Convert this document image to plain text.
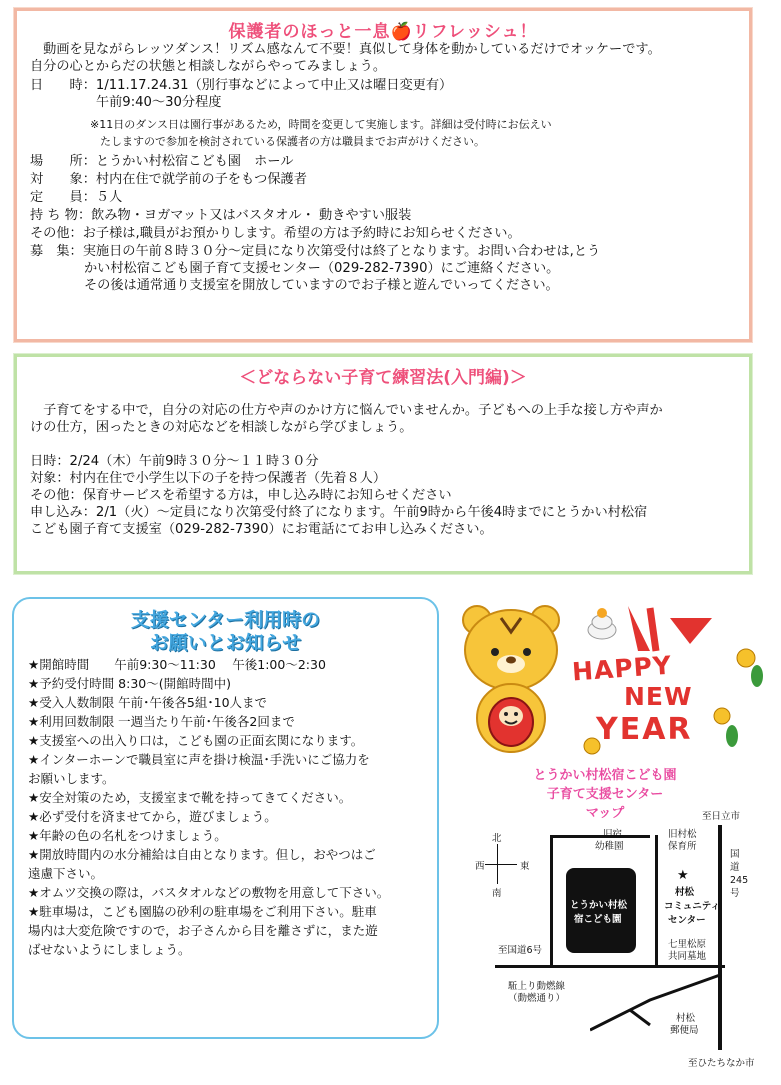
保護者のほっと一息🍎リフレッシュ！
　動画を見ながらレッツダンス！リズム感なんて不要！真似して身体を動かしているだけでオッケーです。
自分の心とからだの状態と相談しながらやってみましょう。
日　　時：1/11.17.24.31（別行事などによって中止又は曜日変更有）
　　　　　午前9:40～30分程度
※11日のダンス日は園行事があるため，時間を変更して実施します。詳細は受付時にお伝えい
たしますので参加を検討されている保護者の方は職員までお声がけください。
場　　所：とうかい村松宿こども園　ホール
対　　象：村内在住で就学前の子をもつ保護者
定　　員：５人
持 ち 物：飲み物・ヨガマット又はバスタオル・ 動きやすい服装
その他：お子様は,職員がお預かりします。希望の方は予約時にお知らせください。
募　集：実施日の午前８時３０分～定員になり次第受付は終了となります。お問い合わせは,とう
かい村松宿こども園子育て支援センター（029-282-7390）にご連絡ください。
その後は通常通り支援室を開放していますのでお子様と遊んでいってください。
＜どならない子育て練習法(入門編)＞
　子育てをする中で，自分の対応の仕方や声のかけ方に悩んでいませんか。子どもへの上手な接し方や声か
けの仕方，困ったときの対応などを相談しながら学びましょう。
日時：2/24（木）午前9時３０分～１１時３０分
対象：村内在住で小学生以下の子を持つ保護者（先着８人）
その他：保育サービスを希望する方は，申し込み時にお知らせください
申し込み：2/1（火）～定員になり次第受付終了になります。午前9時から午後4時までにとうかい村松宿
こども園子育て支援室（029-282-7390）にお電話にてお申し込みください。
支援センター利用時の
お願いとお知らせ
★開館時間　　午前9:30～11:30　 午後1:00～2:30
★予約受付時間 8:30～(開館時間中)
★受入人数制限 午前･午後各5組･10人まで
★利用回数制限 一週当たり午前･午後各2回まで
★支援室への出入り口は，こども園の正面玄関になります。
★インターホーンで職員室に声を掛け検温･手洗いにご協力を
お願いします。
★安全対策のため，支援室まで靴を持ってきてください。
★必ず受付を済ませてから，遊びましょう。
★年齢の色の名札をつけましょう。
★開放時間内の水分補給は自由となります。但し，おやつはご
遠慮下さい。
★オムツ交換の際は，バスタオルなどの敷物を用意して下さい。
★駐車場は，こども園脇の砂利の駐車場をご利用下さい。駐車
場内は大変危険ですので，お子さんから目を離さずに，また遊
ばせないようにしましょう。
HAPPY
NEW
YEAR
とうかい村松宿こども園
子育て支援センター
マップ
北
南
西	東
至日立市
国道245号
至ひたちなか市
至国道6号
旧宿
幼稚園
旧村松
保育所
とうかい村松
宿こども園
★
村松
コミュニティ
センター
七里松原
共同墓地
駈上り動燃線
（動燃通り）
村松
郵便局
